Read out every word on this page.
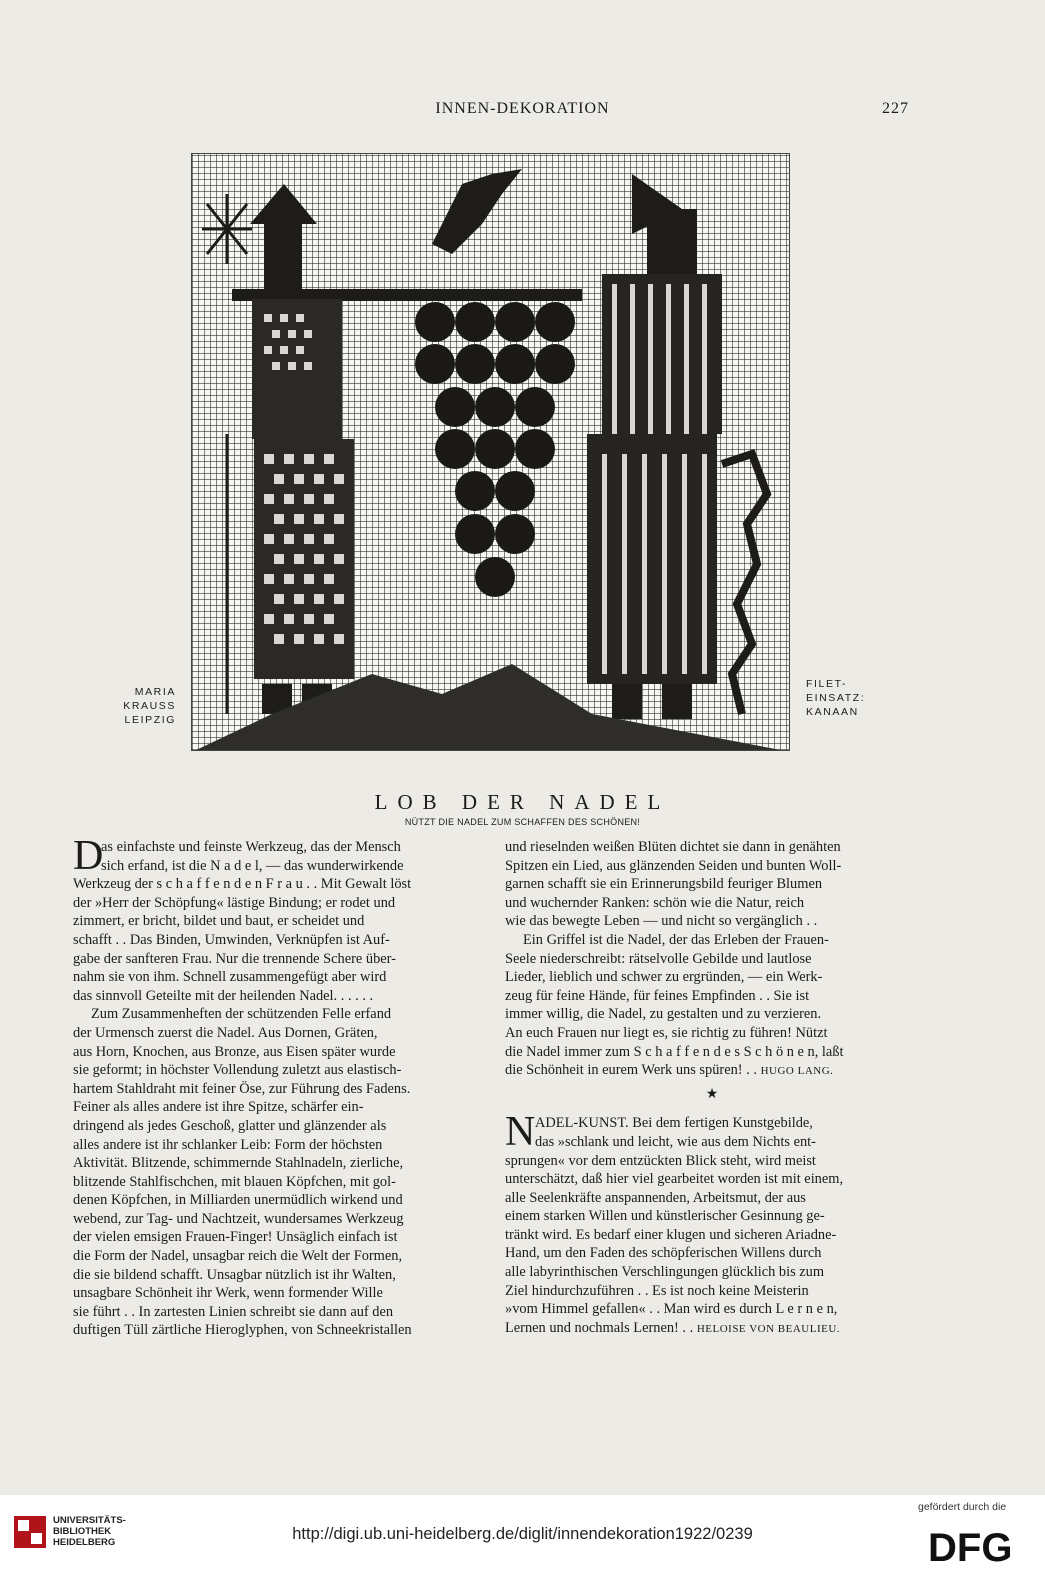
INNEN-DEKORATION	227
MARIA
KRAUSS
LEIPZIG
FILET-
EINSATZ:
KANAAN
LOB DER NADEL
NÜTZT DIE NADEL ZUM SCHAFFEN DES SCHÖNEN!
D
as einfachste und feinste Werkzeug, das der Mensch
sich erfand, ist die N a d e l, — das wunderwirkende
Werkzeug der s c h a f f e n d e n F r a u . . Mit Gewalt löst
der »Herr der Schöpfung« lästige Bindung; er rodet und
zimmert, er bricht, bildet und baut, er scheidet und
schafft . . Das Binden, Umwinden, Verknüpfen ist Auf-
gabe der sanfteren Frau. Nur die trennende Schere über-
nahm sie von ihm. Schnell zusammengefügt aber wird
das sinnvoll Geteilte mit der heilenden Nadel. . . . . .
Zum Zusammenheften der schützenden Felle erfand
der Urmensch zuerst die Nadel. Aus Dornen, Gräten,
aus Horn, Knochen, aus Bronze, aus Eisen später wurde
sie geformt; in höchster Vollendung zuletzt aus elastisch-
hartem Stahldraht mit feiner Öse, zur Führung des Fadens.
Feiner als alles andere ist ihre Spitze, schärfer ein-
dringend als jedes Geschoß, glatter und glänzender als
alles andere ist ihr schlanker Leib: Form der höchsten
Aktivität. Blitzende, schimmernde Stahlnadeln, zierliche,
blitzende Stahlfischchen, mit blauen Köpfchen, mit gol-
denen Köpfchen, in Milliarden unermüdlich wirkend und
webend, zur Tag- und Nachtzeit, wundersames Werkzeug
der vielen emsigen Frauen-Finger! Unsäglich einfach ist
die Form der Nadel, unsagbar reich die Welt der Formen,
die sie bildend schafft. Unsagbar nützlich ist ihr Walten,
unsagbare Schönheit ihr Werk, wenn formender Wille
sie führt . . In zartesten Linien schreibt sie dann auf den
duftigen Tüll zärtliche Hieroglyphen, von Schneekristallen
und rieselnden weißen Blüten dichtet sie dann in genähten
Spitzen ein Lied, aus glänzenden Seiden und bunten Woll-
garnen schafft sie ein Erinnerungsbild feuriger Blumen
und wuchernder Ranken: schön wie die Natur, reich
wie das bewegte Leben — und nicht so vergänglich . .
Ein Griffel ist die Nadel, der das Erleben der Frauen-
Seele niederschreibt: rätselvolle Gebilde und lautlose
Lieder, lieblich und schwer zu ergründen, — ein Werk-
zeug für feine Hände, für feines Empfinden . . Sie ist
immer willig, die Nadel, zu gestalten und zu verzieren.
An euch Frauen nur liegt es, sie richtig zu führen! Nützt
die Nadel immer zum S c h a f f e n d e s S c h ö n e n, laßt
die Schönheit in eurem Werk uns spüren! . . HUGO LANG.
★
N ADEL-KUNST. Bei dem fertigen Kunstgebilde,
das »schlank und leicht, wie aus dem Nichts ent-
sprungen« vor dem entzückten Blick steht, wird meist
unterschätzt, daß hier viel gearbeitet worden ist mit einem,
alle Seelenkräfte anspannenden, Arbeitsmut, der aus
einem starken Willen und künstlerischer Gesinnung ge-
tränkt wird. Es bedarf einer klugen und sicheren Ariadne-
Hand, um den Faden des schöpferischen Willens durch
alle labyrinthischen Verschlingungen glücklich bis zum
Ziel hindurchzuführen . . Es ist noch keine Meisterin
»vom Himmel gefallen« . . Man wird es durch L e r n e n,
Lernen und nochmals Lernen! . . HELOISE VON BEAULIEU.
UNIVERSITÄTS-
BIBLIOTHEK
HEIDELBERG	http://digi.ub.uni-heidelberg.de/diglit/innendekoration1922/0239
gefördert durch die
DFG
